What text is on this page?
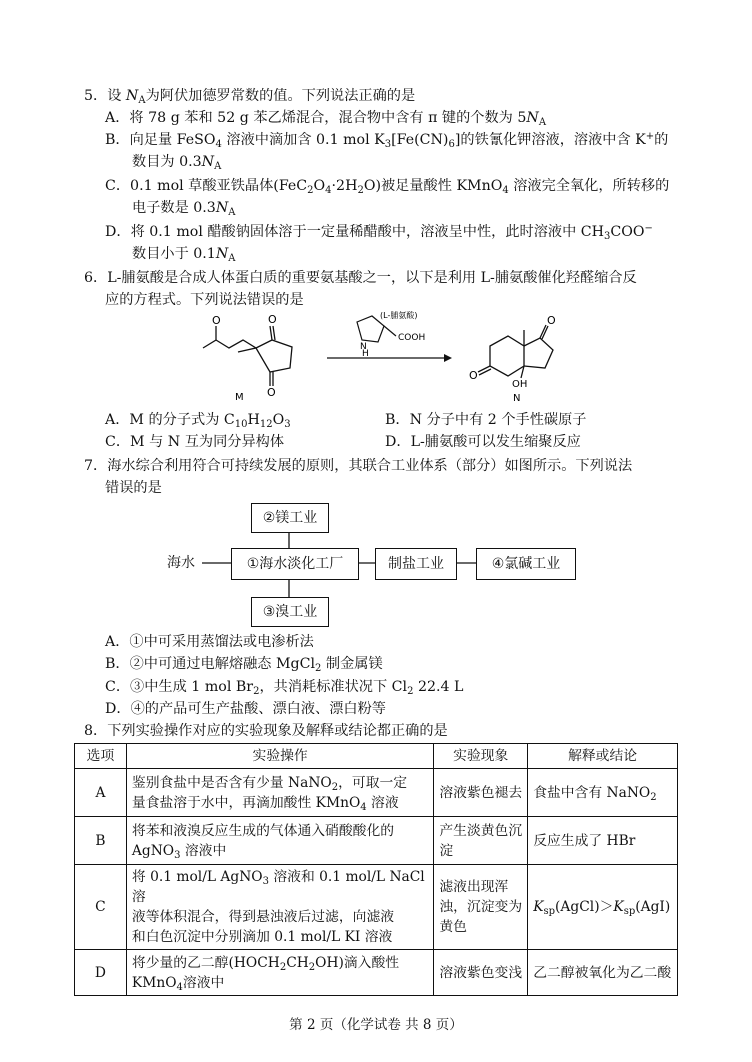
5．设 $N_A$为阿伏加德罗常数的值。下列说法正确的是
A．将 78 g 苯和 52 g 苯乙烯混合，混合物中含有 π 键的个数为 $5N_A$
B．向足量 FeSO$_4$ 溶液中滴加含 0.1 mol $K_3[Fe(CN)_6]$的铁氰化钾溶液，溶液中含 K+的
数目为 $0.3N_A$
C．0.1 mol 草酸亚铁晶体$(FeC_2O_4\cdot 2H_2O)$被足量酸性 KMnO$_4$ 溶液完全氧化，所转移的
电子数是 $0.3N_A$
D．将 0.1 mol 醋酸钠固体溶于一定量稀醋酸中，溶液呈中性，此时溶液中 $CH_3COO^-$
数目小于 $0.1N_A$
6．L-脯氨酸是合成人体蛋白质的重要氨基酸之一，以下是利用 L-脯氨酸催化羟醛缩合反
应的方程式。下列说法错误的是
O	O
O
M
(L-脯氨酸)
COOH
N
H
O
O
OH
N
A．M 的分子式为 $C_{10}H_{12}O_3$	B．N 分子中有 2 个手性碳原子
C．M 与 N 互为同分异构体	D．L-脯氨酸可以发生缩聚反应
7．海水综合利用符合可持续发展的原则，其联合工业体系（部分）如图所示。下列说法
错误的是
海水
②镁工业
①海水淡化工厂	制盐工业	④氯碱工业
③溴工业
A．①中可采用蒸馏法或电渗析法
B．②中可通过电解熔融态 MgCl$_2$ 制金属镁
C．③中生成 1 mol $Br_2$，共消耗标准状况下 $Cl_2$ 22.4 L
D．④的产品可生产盐酸、漂白液、漂白粉等
8．下列实验操作对应的实验现象及解释或结论都正确的是
选项	实验操作	实验现象	解释或结论
A	鉴别食盐中是否含有少量 NaNO$_2$，可取一定
量食盐溶于水中，再滴加酸性 KMnO$_4$ 溶液	溶液紫色褪去	食盐中含有 NaNO$_2$
B	将苯和液溴反应生成的气体通入硝酸酸化的
AgNO$_3$ 溶液中	产生淡黄色沉淀	反应生成了 HBr
C	将 0.1 mol/L AgNO$_3$ 溶液和 0.1 mol/L NaCl 溶
液等体积混合，得到悬浊液后过滤，向滤液
和白色沉淀中分别滴加 0.1 mol/L KI 溶液	滤液出现浑浊，沉淀变为黄色	$K_{sp}(AgCl)>K_{sp}(AgI)$
D	将少量的乙二醇$(HOCH_2CH_2OH)$滴入酸性
KMnO$_4$溶液中	溶液紫色变浅	乙二醇被氧化为乙二酸
第 2 页（化学试卷 共 8 页）
